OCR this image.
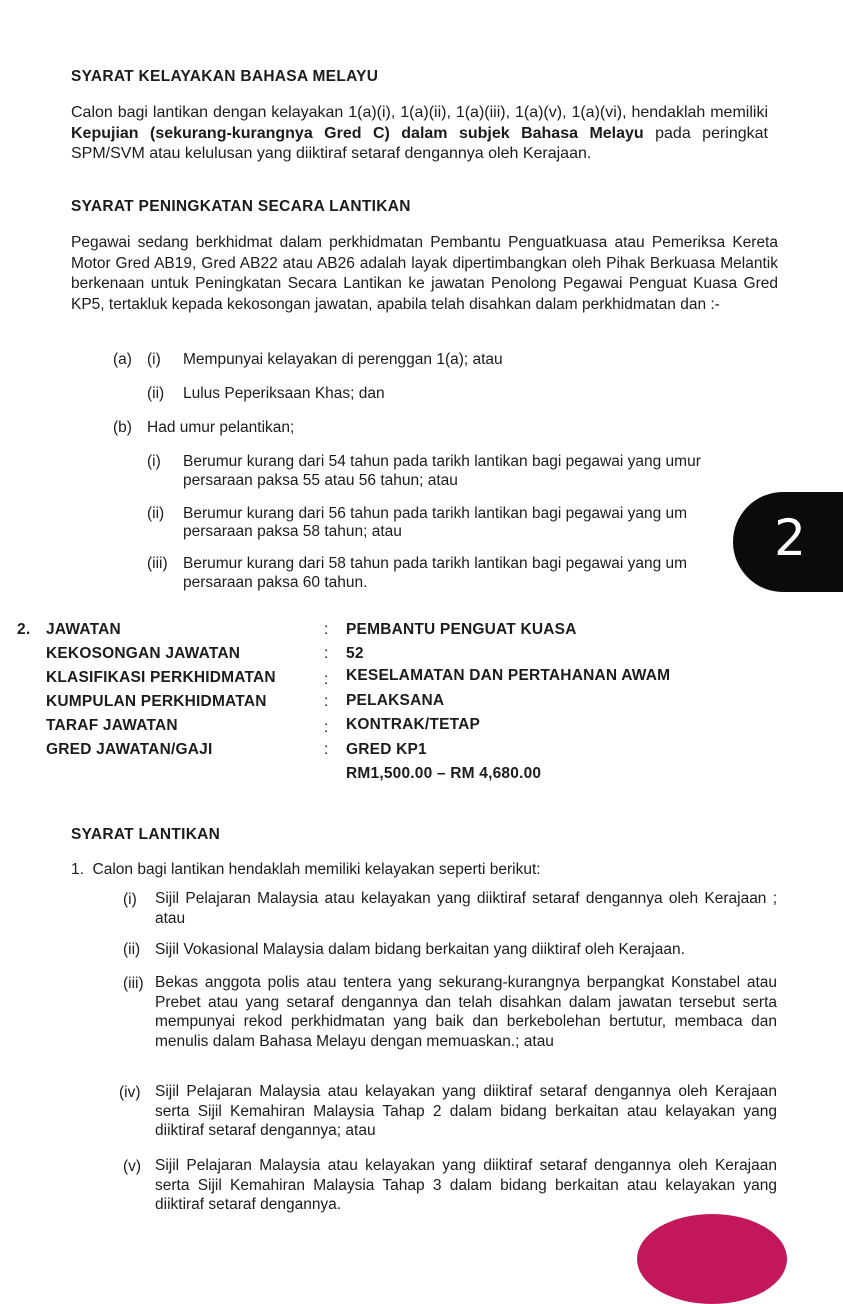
SYARAT KELAYAKAN BAHASA MELAYU
Calon bagi lantikan dengan kelayakan 1(a)(i), 1(a)(ii), 1(a)(iii), 1(a)(v), 1(a)(vi), hendaklah memiliki Kepujian (sekurang-kurangnya Gred C) dalam subjek Bahasa Melayu pada peringkat SPM/SVM atau kelulusan yang diiktiraf setaraf dengannya oleh Kerajaan.
SYARAT PENINGKATAN SECARA LANTIKAN
Pegawai sedang berkhidmat dalam perkhidmatan Pembantu Penguatkuasa atau Pemeriksa Kereta Motor Gred AB19, Gred AB22 atau AB26 adalah layak dipertimbangkan oleh Pihak Berkuasa Melantik berkenaan untuk Peningkatan Secara Lantikan ke jawatan Penolong Pegawai Penguat Kuasa Gred KP5, tertakluk kepada kekosongan jawatan, apabila telah disahkan dalam perkhidmatan dan :-
(a) (i) Mempunyai kelayakan di perenggan 1(a); atau
(ii) Lulus Peperiksaan Khas; dan
(b) Had umur pelantikan;
(i) Berumur kurang dari 54 tahun pada tarikh lantikan bagi pegawai yang umur
persaraan paksa 55 atau 56 tahun; atau
(ii) Berumur kurang dari 56 tahun pada tarikh lantikan bagi pegawai yang um
persaraan paksa 58 tahun; atau
(iii) Berumur kurang dari 58 tahun pada tarikh lantikan bagi pegawai yang um
persaraan paksa 60 tahun.
2
2. JAWATAN	: PEMBANTU PENGUAT KUASA
KEKOSONGAN JAWATAN	: 52
KLASIFIKASI PERKHIDMATAN	: KESELAMATAN DAN PERTAHANAN AWAM
KUMPULAN PERKHIDMATAN	: PELAKSANA
TARAF JAWATAN	: KONTRAK/TETAP
GRED JAWATAN/GAJI	: GRED KP1
RM1,500.00 – RM 4,680.00
SYARAT LANTIKAN
1.  Calon bagi lantikan hendaklah memiliki kelayakan seperti berikut:
(i) Sijil Pelajaran Malaysia atau kelayakan yang diiktiraf setaraf dengannya oleh Kerajaan ; atau
(ii) Sijil Vokasional Malaysia dalam bidang berkaitan yang diiktiraf oleh Kerajaan.
(iii) Bekas anggota polis atau tentera yang sekurang-kurangnya berpangkat Konstabel atau Prebet atau yang setaraf dengannya dan telah disahkan dalam jawatan tersebut serta mempunyai rekod perkhidmatan yang baik dan berkebolehan bertutur, membaca dan menulis dalam Bahasa Melayu dengan memuaskan.; atau
(iv) Sijil Pelajaran Malaysia atau kelayakan yang diiktiraf setaraf dengannya oleh Kerajaan serta Sijil Kemahiran Malaysia Tahap 2 dalam bidang berkaitan atau kelayakan yang diiktiraf setaraf dengannya; atau
(v) Sijil Pelajaran Malaysia atau kelayakan yang diiktiraf setaraf dengannya oleh Kerajaan serta Sijil Kemahiran Malaysia Tahap 3 dalam bidang berkaitan atau kelayakan yang diiktiraf setaraf dengannya.
